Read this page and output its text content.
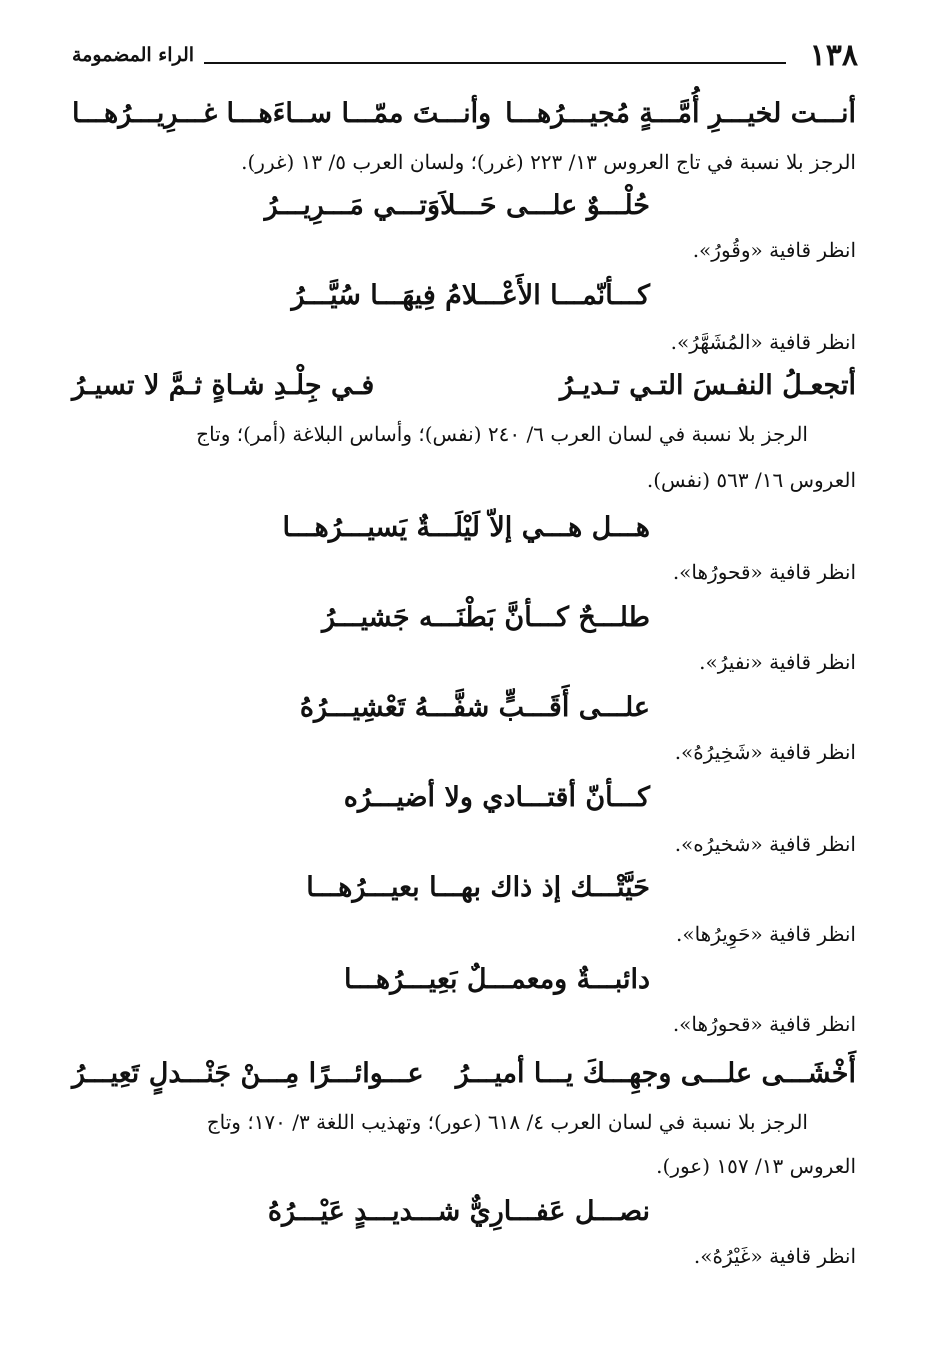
١٣٨
الراء المضمومة
أنـــت لخيـــرِ أُمَّـــةٍ مُجيـــرُهـــا
وأنـــتَ ممّـــا ســاءَهـــا غـــرِيـــرُهـــا
الرجز بلا نسبة في تاج العروس ١٣/ ٢٢٣ (غرر)؛ ولسان العرب ٥/ ١٣ (غرر).
حُلْـــوٌ علـــى حَـــلاَوَتـــي مَـــرِيـــرُ
انظر قافية «وقُورُ».
كـــأنّمـــا الأَعْـــلامُ فِيهَـــا سُيَّـــرُ
انظر قافية «المُشَهَّرُ».
أتجعـلُ النفـسَ التـي تـديـرُ
فـي جِلْـدِ شـاةٍ ثـمَّ لا تسيـرُ
الرجز بلا نسبة في لسان العرب ٦/ ٢٤٠ (نفس)؛ وأساس البلاغة (أمر)؛ وتاج
العروس ١٦/ ٥٦٣ (نفس).
هـــل هـــي إلاّ لَيْلَـــةٌ يَسيـــرُهـــا
انظر قافية «قحورُها».
طلـــحٌ كـــأنَّ بَطْنَـــه جَشيـــرُ
انظر قافية «نفيرُ».
علـــى أَقَـــبٍّ شفَّـــهُ تَعْشِيـــرُهُ
انظر قافية «شَخِيرُهُ».
كـــأنّ أقتـــادي ولا أضيـــرُه
انظر قافية «شخيرُه».
حَيَّتْـــك إذ ذاك بهـــا بعيـــرُهـــا
انظر قافية «حَوِيرُها».
دائبـــةٌ ومعمـــلٌ بَعِيـــرُهـــا
انظر قافية «قحورُها».
أَخْشَـــى علـــى وجهِـــكَ يـــا أميـــرُ
عـــوائـــرًا مِـــنْ جَنْـــدلٍ تَعِيـــرُ
الرجز بلا نسبة في لسان العرب ٤/ ٦١٨ (عور)؛ وتهذيب اللغة ٣/ ١٧٠؛ وتاج
العروس ١٣/ ١٥٧ (عور).
نصـــل عَفـــارِيٌّ شـــديـــدٍ عَيْـــرُهُ
انظر قافية «غَيْرُهُ».
